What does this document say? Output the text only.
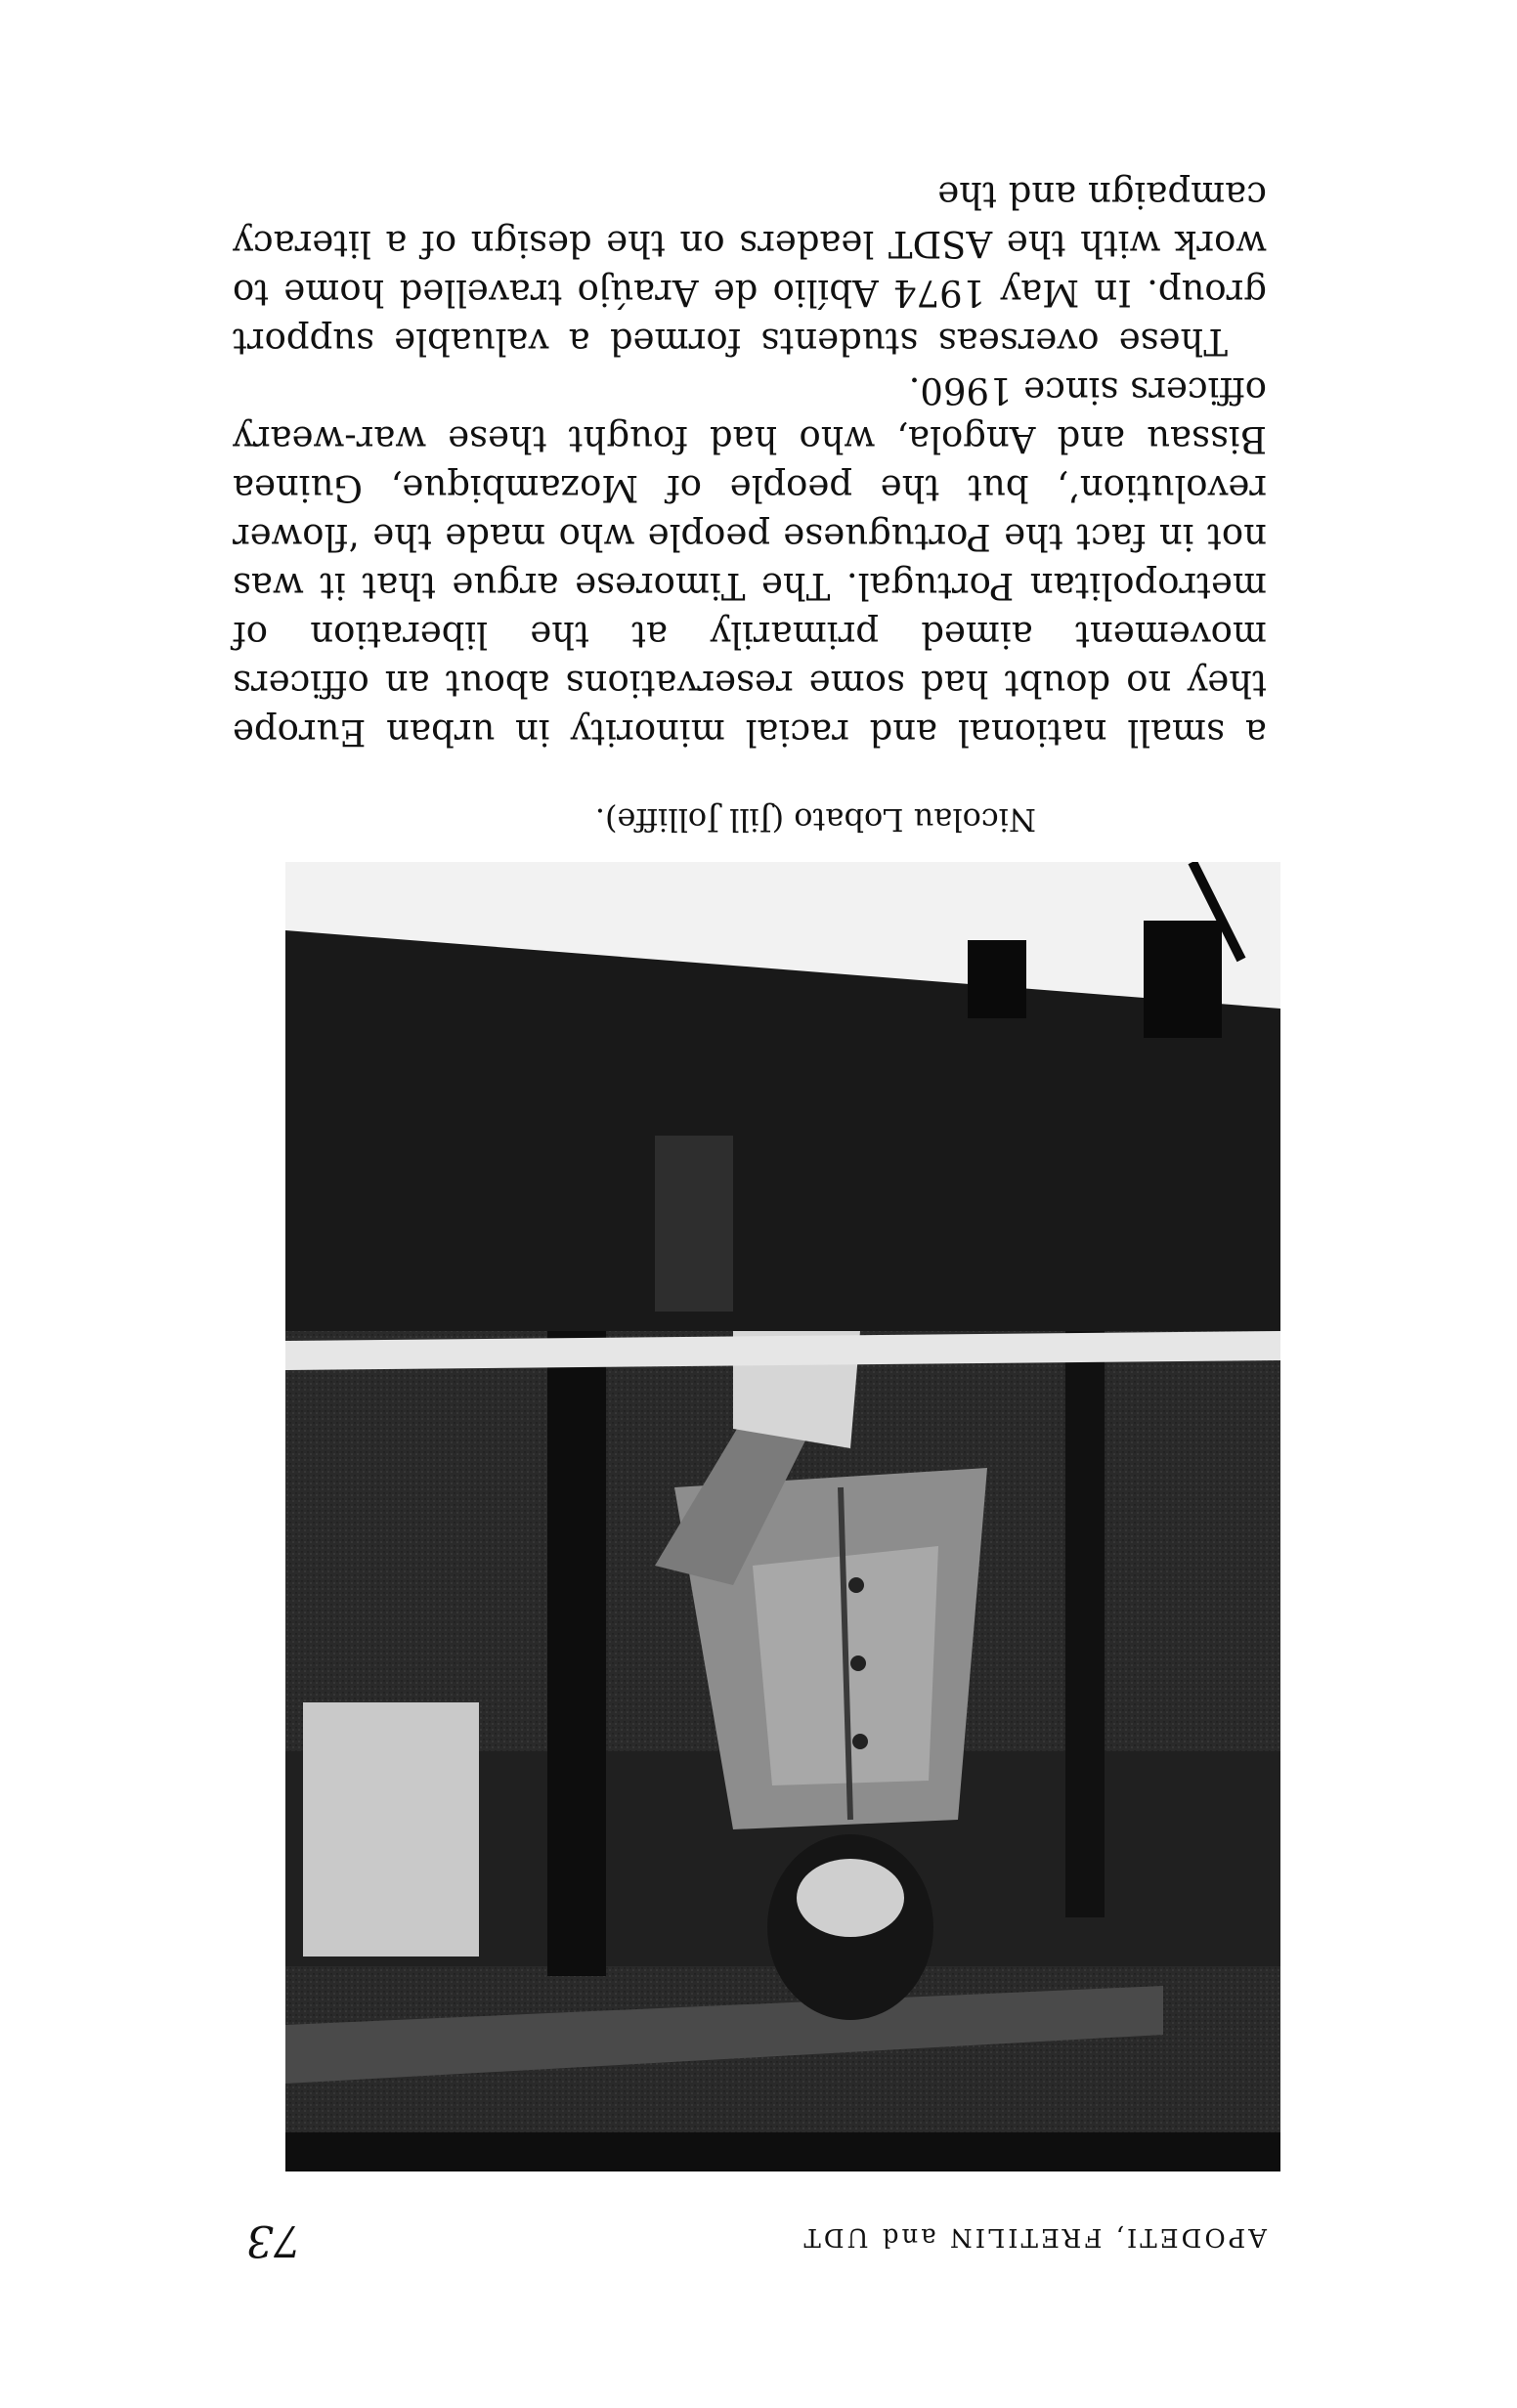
APODETI, FRETILIN and UDT
73
Nicolau Lobato (Jill Jolliffe).

a small national and racial minority in urban Europe they no doubt had some reservations about an officers movement aimed primarily at the liberation of metropolitan Portugal. The Timorese argue that it was not in fact the Portuguese people who made the ‘flower revolution’, but the people of Mozambique, Guinea Bissau and Angola, who had fought these war-weary officers since 1960.

These overseas students formed a valuable support group. In May 1974 Abílio de Araújo travelled home to work with the ASDT leaders on the design of a literacy campaign and the
